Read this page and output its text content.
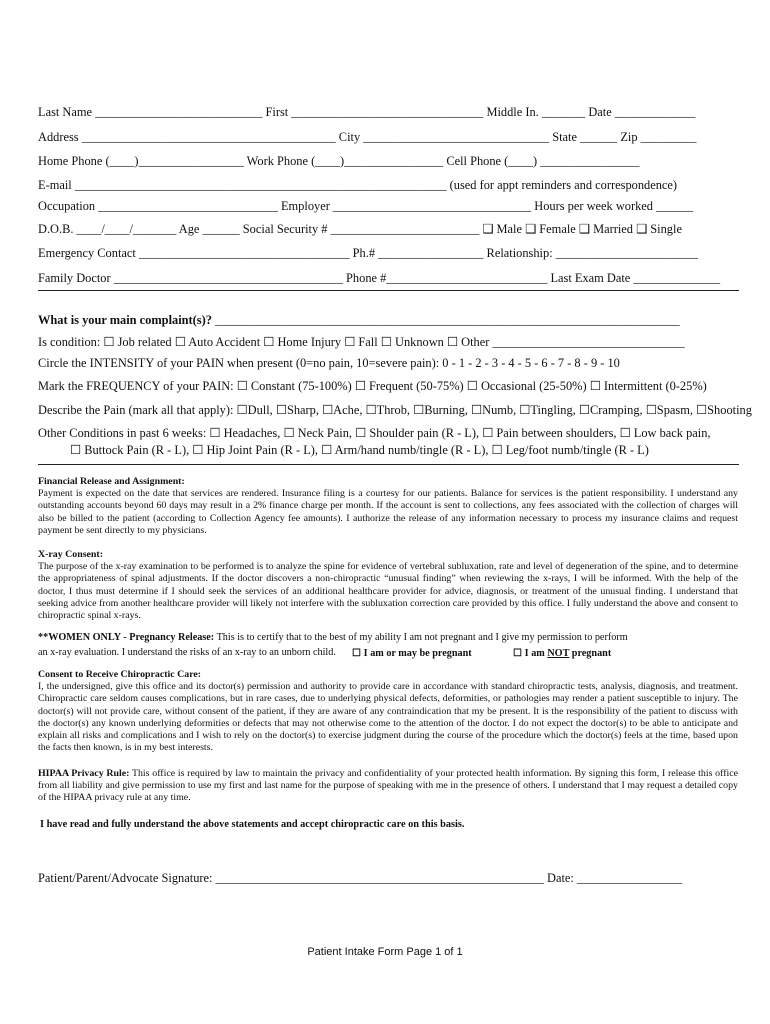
Last Name ___________________________ First _______________________________ Middle In. _______ Date _____________
Address _________________________________________ City ______________________________ State ______ Zip _________
Home Phone (____)_________________ Work Phone (____)________________ Cell Phone (____) ________________
E-mail ____________________________________________________________ (used for appt reminders and correspondence)
Occupation _____________________________ Employer ________________________________ Hours per week worked ______
D.O.B. ____/____/_______ Age ______ Social Security # ________________________ ❑ Male ❑ Female ❑ Married ❑ Single
Emergency Contact __________________________________ Ph.# _________________ Relationship: _______________________
Family Doctor _____________________________________ Phone #__________________________ Last Exam Date ______________
What is your main complaint(s)? ___________________________________________________________________________
Is condition: ☐ Job related ☐ Auto Accident ☐ Home Injury ☐ Fall ☐ Unknown ☐ Other _______________________________
Circle the INTENSITY of your PAIN when present (0=no pain, 10=severe pain): 0 - 1 - 2 - 3 - 4 - 5 - 6 - 7 - 8 - 9 - 10
Mark the FREQUENCY of your PAIN: ☐ Constant (75-100%) ☐ Frequent (50-75%) ☐ Occasional (25-50%) ☐ Intermittent (0-25%)
Describe the Pain (mark all that apply): ☐Dull, ☐Sharp, ☐Ache, ☐Throb, ☐Burning, ☐Numb, ☐Tingling, ☐Cramping, ☐Spasm, ☐Shooting
Other Conditions in past 6 weeks: ☐ Headaches, ☐ Neck Pain, ☐ Shoulder pain (R - L), ☐ Pain between shoulders, ☐ Low back pain,
☐ Buttock Pain (R - L), ☐ Hip Joint Pain (R - L), ☐ Arm/hand numb/tingle (R - L), ☐ Leg/foot numb/tingle (R - L)
Financial Release and Assignment:
Payment is expected on the date that services are rendered. Insurance filing is a courtesy for our patients. Balance for services is the patient responsibility. I understand any outstanding accounts beyond 60 days may result in a 2% finance charge per month. If the account is sent to collections, any fees associated with the collection of charges will also be billed to the patient (according to Collection Agency fee amounts). I authorize the release of any information necessary to process my insurance claims and request payment be sent directly to my physicians.
X-ray Consent:
The purpose of the x-ray examination to be performed is to analyze the spine for evidence of vertebral subluxation, rate and level of degeneration of the spine, and to determine the appropriateness of spinal adjustments. If the doctor discovers a non-chiropractic “unusual finding” when reviewing the x-rays, I will be informed. With the help of the doctor, I thus must determine if I should seek the services of an additional healthcare provider for advice, diagnosis, or treatment of the unusual finding. I understand that seeking advice from another healthcare provider will likely not interfere with the subluxation correction care provided by this office. I fully understand the above and consent to chiropractic spinal x-rays.
**WOMEN ONLY - Pregnancy Release: This is to certify that to the best of my ability I am not pregnant and I give my permission to perform
an x-ray evaluation. I understand the risks of an x-ray to an unborn child.	☐ I am or may be pregnant	☐ I am NOT pregnant
Consent to Receive Chiropractic Care:
I, the undersigned, give this office and its doctor(s) permission and authority to provide care in accordance with standard chiropractic tests, analysis, diagnosis, and treatment. Chiropractic care seldom causes complications, but in rare cases, due to underlying physical defects, deformities, or pathologies may render a patient susceptible to injury. The doctor(s) will not provide care, without consent of the patient, if they are aware of any contraindication that my be present. It is the responsibility of the patient to discuss with the doctor(s) any known underlying deformities or defects that may not otherwise come to the attention of the doctor. I do not expect the doctor(s) to be able to anticipate and explain all risks and complications and I wish to rely on the doctor(s) to exercise judgment during the course of the procedure which the doctor(s) feels at the time, based upon the facts then known, is in my best interests.
HIPAA Privacy Rule: This office is required by law to maintain the privacy and confidentiality of your protected health information. By signing this form, I release this office from all liability and give permission to use my first and last name for the purpose of speaking with me in the presence of others. I understand that I may request a detailed copy of the HIPAA privacy rule at any time.
I have read and fully understand the above statements and accept chiropractic care on this basis.
Patient/Parent/Advocate Signature: _____________________________________________________ Date: _________________
Patient Intake Form Page 1 of 1
